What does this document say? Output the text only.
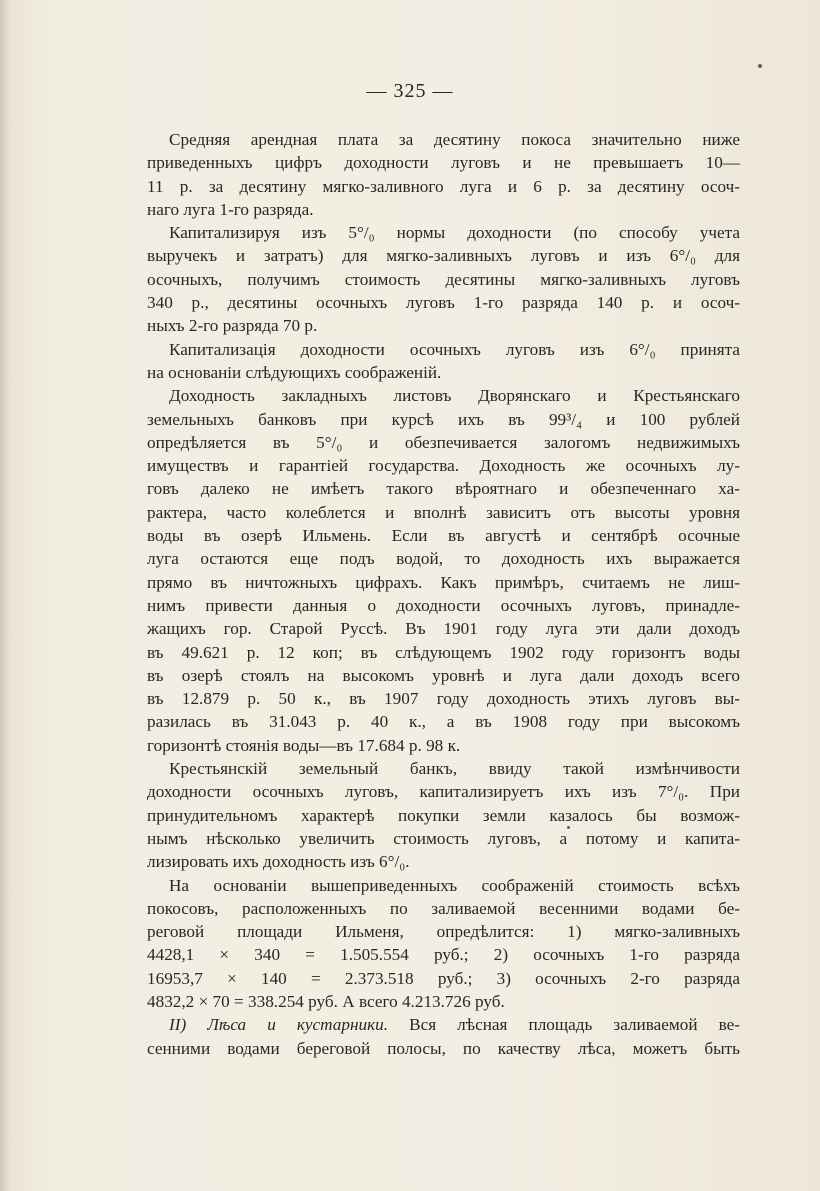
— 325 —
Средняя арендная плата за десятину покоса значительно ниже
приведенныхъ цифръ доходности луговъ и не превышаетъ 10—
11 р. за десятину мягко-заливного луга и 6 р. за десятину осоч-
наго луга 1-го разряда.
Капитализируя изъ 5°/₀ нормы доходности (по способу учета
выручекъ и затратъ) для мягко-заливныхъ луговъ и изъ 6°/₀ для
осочныхъ, получимъ стоимость десятины мягко-заливныхъ луговъ
340 р., десятины осочныхъ луговъ 1-го разряда 140 р. и осоч-
ныхъ 2-го разряда 70 р.
Капитализація доходности осочныхъ луговъ изъ 6°/₀ принята
на основаніи слѣдующихъ соображеній.
Доходность закладныхъ листовъ Дворянскаго и Крестьянскаго
земельныхъ банковъ при курсѣ ихъ въ 99³/₄ и 100 рублей
опредѣляется въ 5°/₀ и обезпечивается залогомъ недвижимыхъ
имуществъ и гарантіей государства. Доходность же осочныхъ лу-
говъ далеко не имѣетъ такого вѣроятнаго и обезпеченнаго ха-
рактера, часто колеблется и вполнѣ зависитъ отъ высоты уровня
воды въ озерѣ Ильмень. Если въ августѣ и сентябрѣ осочные
луга остаются еще подъ водой, то доходность ихъ выражается
прямо въ ничтожныхъ цифрахъ. Какъ примѣръ, считаемъ не лиш-
нимъ привести данныя о доходности осочныхъ луговъ, принадле-
жащихъ гор. Старой Руссѣ. Въ 1901 году луга эти дали доходъ
въ 49.621 р. 12 коп; въ слѣдующемъ 1902 году горизонтъ воды
въ озерѣ стоялъ на высокомъ уровнѣ и луга дали доходъ всего
въ 12.879 р. 50 к., въ 1907 году доходность этихъ луговъ вы-
разилась въ 31.043 р. 40 к., а въ 1908 году при высокомъ
горизонтѣ стоянія воды—въ 17.684 р. 98 к.
Крестьянскій земельный банкъ, ввиду такой измѣнчивости
доходности осочныхъ луговъ, капитализируетъ ихъ изъ 7°/₀. При
принудительномъ характерѣ покупки земли казалось бы возмож-
нымъ нѣсколько увеличить стоимость луговъ, а потому и капита-
лизировать ихъ доходность изъ 6°/₀.
На основаніи вышеприведенныхъ соображеній стоимость всѣхъ
покосовъ, расположенныхъ по заливаемой весенними водами бе-
реговой площади Ильменя, опредѣлится: 1) мягко-заливныхъ
4428,1 × 340 = 1.505.554 руб.; 2) осочныхъ 1-го разряда
16953,7 × 140 = 2.373.518 руб.; 3) осочныхъ 2-го разряда
4832,2 × 70 = 338.254 руб. А всего 4.213.726 руб.
II) Лѣса и кустарники. Вся лѣсная площадь заливаемой ве-
сенними водами береговой полосы, по качеству лѣса, можетъ быть
